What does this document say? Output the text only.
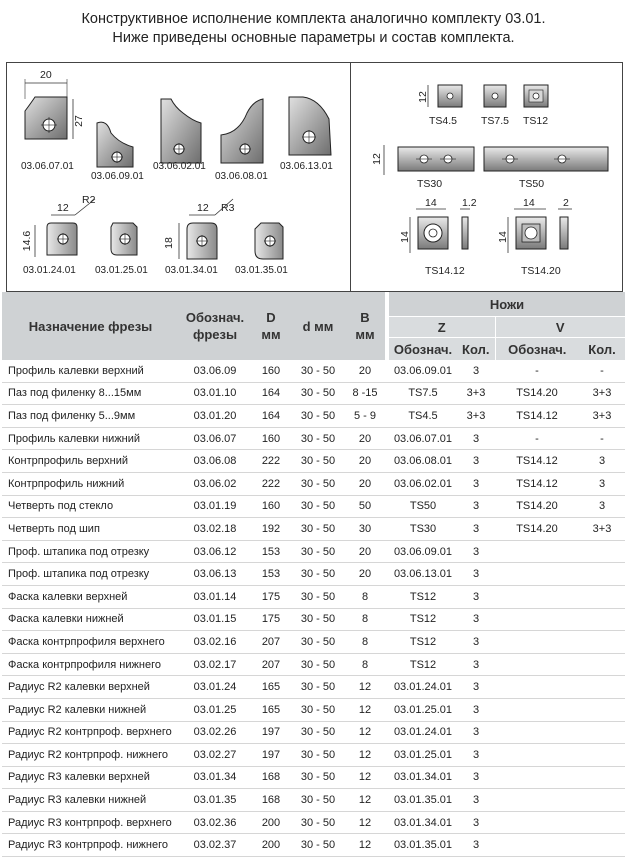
Конструктивное исполнение комплекта аналогично комплекту 03.01.
Ниже приведены основные параметры и состав комплекта.
20
27
03.06.07.01
03.06.09.01
03.06.02.01
03.06.08.01
03.06.13.01
12
R2
14.6
12 R3
18
03.01.24.01 03.01.25.01 03.01.34.01 03.01.35.01
12
12
TS4.5 TS7.5 TS12
TS30	TS50
14 1.2
14
14	2
14
TS14.12	TS14.20
Назначение фрезы	Обознач. фрезы	D мм	d мм	B мм		Ножи			
						Z		V	
						Обознач.	Кол.	Обознач.	Кол.
Профиль калевки верхний	03.06.09	160	30 - 50	20		03.06.09.01	3	-	-
Паз под филенку 8...15мм	03.01.10	164	30 - 50	8 -15		TS7.5	3+3	TS14.20	3+3
Паз под филенку 5...9мм	03.01.20	164	30 - 50	5 - 9		TS4.5	3+3	TS14.12	3+3
Профиль калевки нижний	03.06.07	160	30 - 50	20		03.06.07.01	3	-	-
Контрпрофиль верхний	03.06.08	222	30 - 50	20		03.06.08.01	3	TS14.12	3
Контрпрофиль нижний	03.06.02	222	30 - 50	20		03.06.02.01	3	TS14.12	3
Четверть под стекло	03.01.19	160	30 - 50	50		TS50	3	TS14.20	3
Четверть под шип	03.02.18	192	30 - 50	30		TS30	3	TS14.20	3+3
Проф. штапика под отрезку	03.06.12	153	30 - 50	20		03.06.09.01	3		
Проф. штапика под отрезку	03.06.13	153	30 - 50	20		03.06.13.01	3		
Фаска калевки верхней	03.01.14	175	30 - 50	8		TS12	3		
Фаска калевки нижней	03.01.15	175	30 - 50	8		TS12	3		
Фаска контрпрофиля верхнего	03.02.16	207	30 - 50	8		TS12	3		
Фаска контрпрофиля нижнего	03.02.17	207	30 - 50	8		TS12	3		
Радиус R2 калевки верхней	03.01.24	165	30 - 50	12		03.01.24.01	3		
Радиус R2 калевки нижней	03.01.25	165	30 - 50	12		03.01.25.01	3		
Радиус R2 контрпроф. верхнего	03.02.26	197	30 - 50	12		03.01.24.01	3		
Радиус R2 контрпроф. нижнего	03.02.27	197	30 - 50	12		03.01.25.01	3		
Радиус R3 калевки верхней	03.01.34	168	30 - 50	12		03.01.34.01	3		
Радиус R3 калевки нижней	03.01.35	168	30 - 50	12		03.01.35.01	3		
Радиус R3 контрпроф. верхнего	03.02.36	200	30 - 50	12		03.01.34.01	3		
Радиус R3 контрпроф. нижнего	03.02.37	200	30 - 50	12		03.01.35.01	3		
